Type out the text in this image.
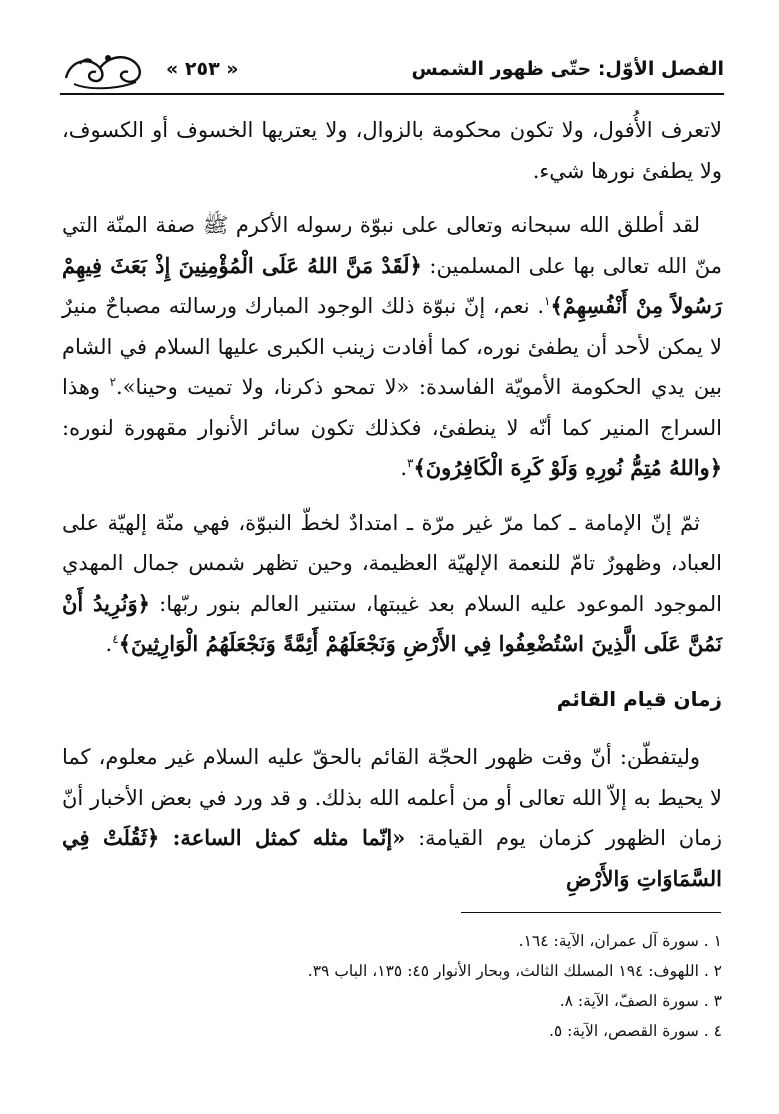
الفصل الأوّل: حتّى ظهور الشمس
« ٢٥٣ »

لاتعرف الأُفول، ولا تكون محكومة بالزوال، ولا يعتريها الخسوف أو الكسوف، ولا يطفئ نورها شيء.

لقد أطلق الله سبحانه وتعالى على نبوّة رسوله الأكرم ﷺ صفة المنّة التي منّ الله تعالى بها على المسلمين: ﴿لَقَدْ مَنَّ اللهُ عَلَى الْمُؤْمِنِينَ إِذْ بَعَثَ فِيهِمْ رَسُولاً مِنْ أَنْفُسِهِمْ﴾$^١$. نعم، إنّ نبوّة ذلك الوجود المبارك ورسالته مصباحٌ منيرٌ لا يمكن لأحد أن يطفئ نوره، كما أفادت زينب الكبرى عليها السلام في الشام بين يدي الحكومة الأمويّة الفاسدة: «لا تمحو ذكرنا، ولا تميت وحينا».$^٢$ وهذا السراج المنير كما أنّه لا ينطفئ، فكذلك تكون سائر الأنوار مقهورة لنوره: ﴿واللهُ مُتِمُّ نُورِهِ وَلَوْ كَرِهَ الْكَافِرُونَ﴾$^٣$.

ثمّ إنّ الإمامة ـ كما مرّ غير مرّة ـ امتدادٌ لخطّ النبوّة، فهي منّة إلهيّة على العباد، وظهورٌ تامّ للنعمة الإلهيّة العظيمة، وحين تظهر شمس جمال المهدي الموجود الموعود عليه السلام بعد غيبتها، ستنير العالم بنور ربّها: ﴿وَنُرِيدُ أَنْ نَمُنَّ عَلَى الَّذِينَ اسْتُضْعِفُوا فِي الأَرْضِ وَنَجْعَلَهُمْ أَئِمَّةً وَنَجْعَلَهُمُ الْوَارِثِينَ﴾$^٤$.

زمان قيام القائم

وليتفطّن: أنّ وقت ظهور الحجّة القائم بالحقّ عليه السلام غير معلوم، كما لا يحيط به إلاّ الله تعالى أو من أعلمه الله بذلك. و قد ورد في بعض الأخبار أنّ زمان الظهور كزمان يوم القيامة: «إنّما مثله كمثل الساعة: ﴿ثَقُلَتْ فِي السَّمَاوَاتِ وَالأَرْضِ

١ . سورة آل عمران، الآية: ١٦٤.
٢ . اللهوف: ١٩٤ المسلك الثالث، وبحار الأنوار ٤٥: ١٣٥، الباب ٣٩.
٣ . سورة الصفّ، الآية: ٨.
٤ . سورة القصص، الآية: ٥.
